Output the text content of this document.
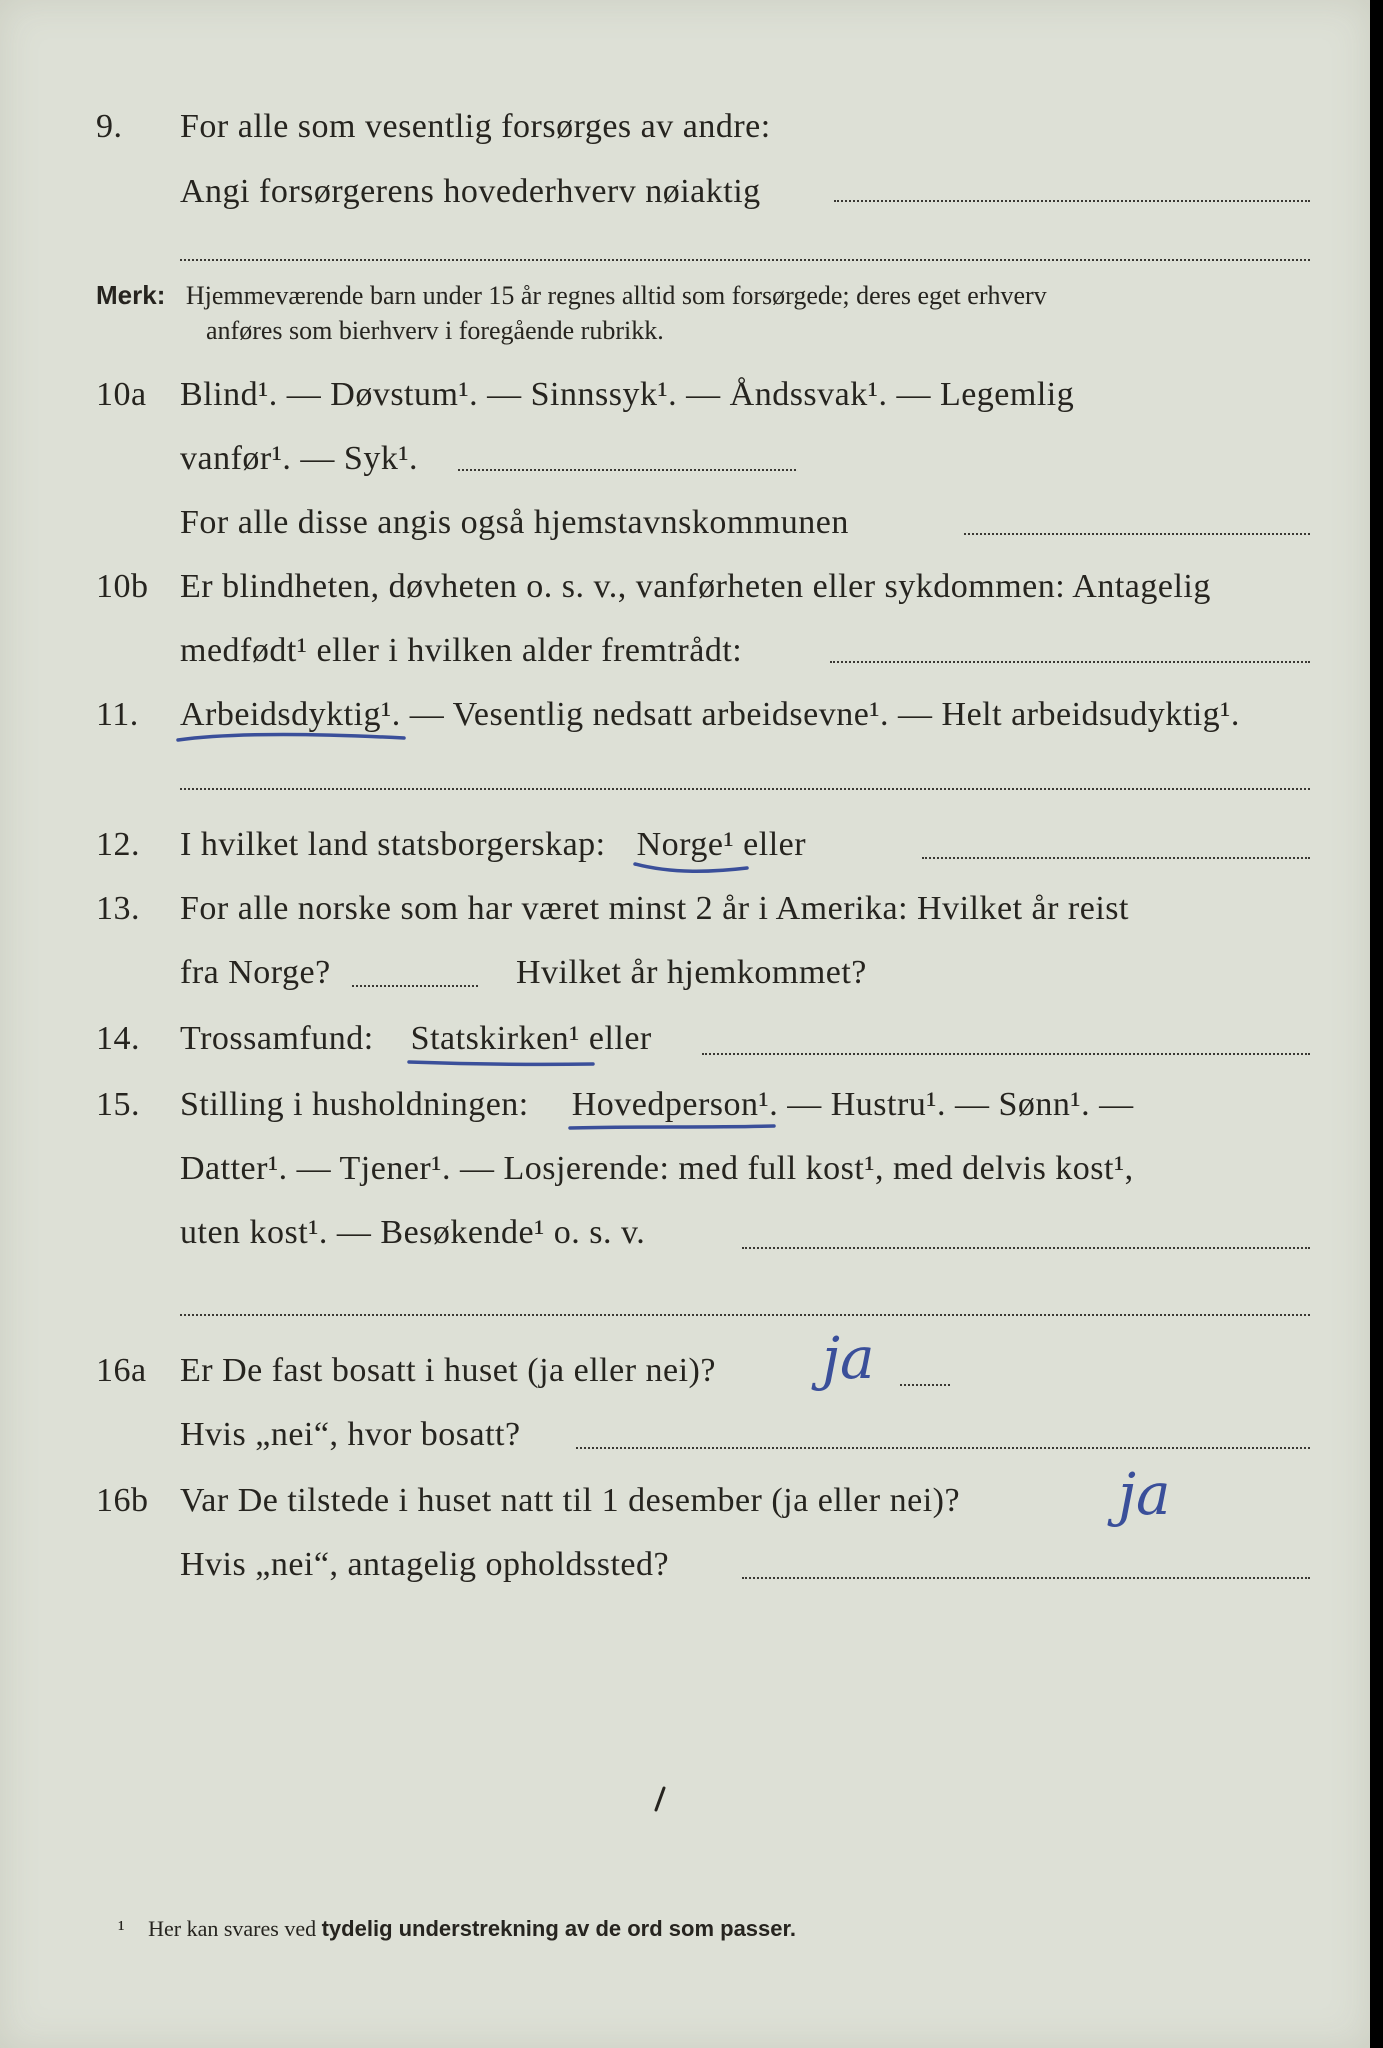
9. For alle som vesentlig forsørges av andre:
Angi forsørgerens hovederhverv nøiaktig
Merk: Hjemmeværende barn under 15 år regnes alltid som forsørgede; deres eget erhverv
anføres som bierhverv i foregående rubrikk.
10a Blind¹. — Døvstum¹. — Sinnssyk¹. — Åndssvak¹. — Legemlig
vanfør¹. — Syk¹.
For alle disse angis også hjemstavnskommunen
10b Er blindheten, døvheten o. s. v., vanførheten eller sykdommen: Antagelig
medfødt¹ eller i hvilken alder fremtrådt:
11. Arbeidsdyktig
¹. — Vesentlig nedsatt arbeidsevne¹. — Helt arbeidsudyktig¹.
12. I hvilket land statsborgerskap: Norge
¹ eller
13. For alle norske som har været minst 2 år i Amerika: Hvilket år reist
fra Norge?	Hvilket år hjemkommet?
14. Trossamfund: Statskirken
¹ eller
15. Stilling i husholdningen: Hovedperson
¹. — Hustru¹. — Sønn¹. —
Datter¹. — Tjener¹. — Losjerende: med full kost¹, med delvis kost¹,
uten kost¹. — Besøkende¹ o. s. v.
16a Er De fast bosatt i huset (ja eller nei)? ja
Hvis „nei“, hvor bosatt?
16b Var De tilstede i huset natt til 1 desember (ja eller nei)?	ja
Hvis „nei“, antagelig opholdssted?
¹ Her kan svares ved tydelig understrekning av de ord som passer.
